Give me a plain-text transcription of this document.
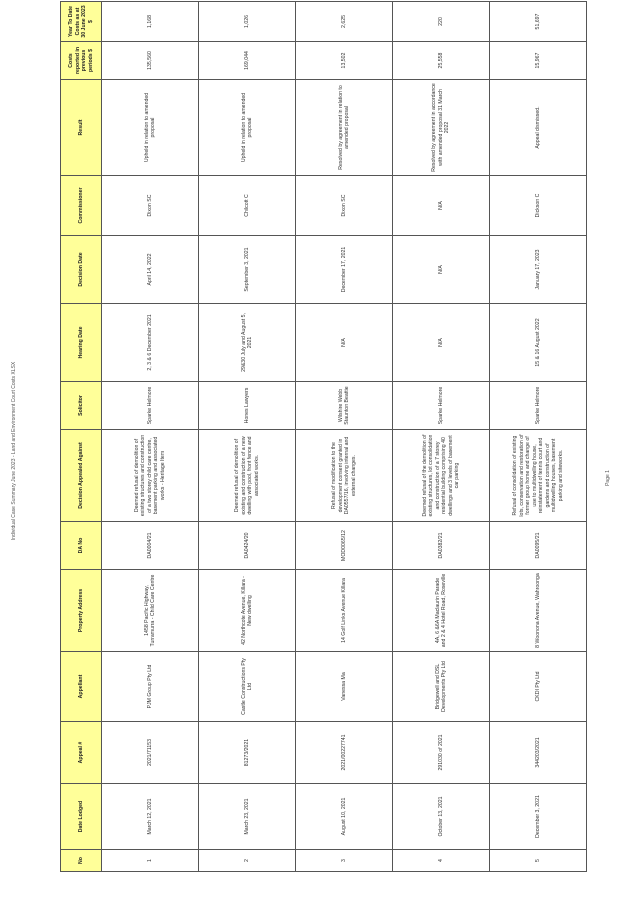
Individual Case Summary June 2023 - Land and Environment Court Costs XLSX	Page 1
No	Date Lodged	Appeal #	Appellant	Property Address	DA No	Decision Appealed Against	Solicitor	Hearing Date	Decision Date	Commissioner	Result	Costs reported in previous periods $	Year To Date Costs as at 30 June 2023 $
1	March 12, 2021	2021/71153	PJM Group Pty Ltd	1458 Pacific Highway, Turramurra - Child Care Centre	DA0004/21	Deemed refusal of demolition of existing structures and construction of a two storey child care centre, basement parking and associated works - Heritage Item	Sparke Helmore	2, 3 & 6 December 2021	April 14, 2022	Dixon SC	Upheld in relation to amended proposal	135,560	1,168
2	March 23, 2021	81273/2021	Castle Constructions Pty Ltd	42 Northcote Avenue, Killara - New dwelling	DA0424/20	Deemed refusal of demolition of existing and construction of a new dwelling with pool, front fence and associated works.	Hones Lawyers	29&30 July and August 5, 2021	September 3, 2021	Chilcott C	Upheld in relation to amended proposal	169,044	1,026
3	August 10, 2021	2021/00227741	Vanessa Ma	14 Golf Links Avenue Killara	MOD0065/12	Refusal of modification to the development consent granted in DA0557/16, involving internal and external changes.	Wilshire Webb Staunton Beattie	N/A	December 17, 2021	Dixon SC	Resolved by agreement in relation to amended proposal	13,502	2,625
4	October 13, 2021	291030 of 2021	Bridgewell and DSL Developments Pty Ltd	4A, 6 &6A Maclaurin Parade and 2 & 4 Hotel Road, Roseville	DA0382/21	Deemed refusal of the demolition of existing structures, lot consolidation and construction of a 7 storey residential building comprising 40 dwellings and 3 levels of basement car parking	Sparke Helmore	N/A	N/A	N/A	Resolved by agreement in accordance with amended proposal 31 March 2022	25,558	220
5	December 3, 2021	344203/2021	CKDI Pty Ltd	8 Woonona Avenue, Wahroonga	DA0095/21	Refusal of consolidation of existing lots, conservation and restoration of former group home and change of use to multidwelling house, reinstatement of tennis court and gardens and construction of multidwelling houses, basement parking and siteworks.	Sparke Helmore	15 & 16 August 2022	January 17, 2023	Dickson C	Appeal dismissed.	15,967	51,697
